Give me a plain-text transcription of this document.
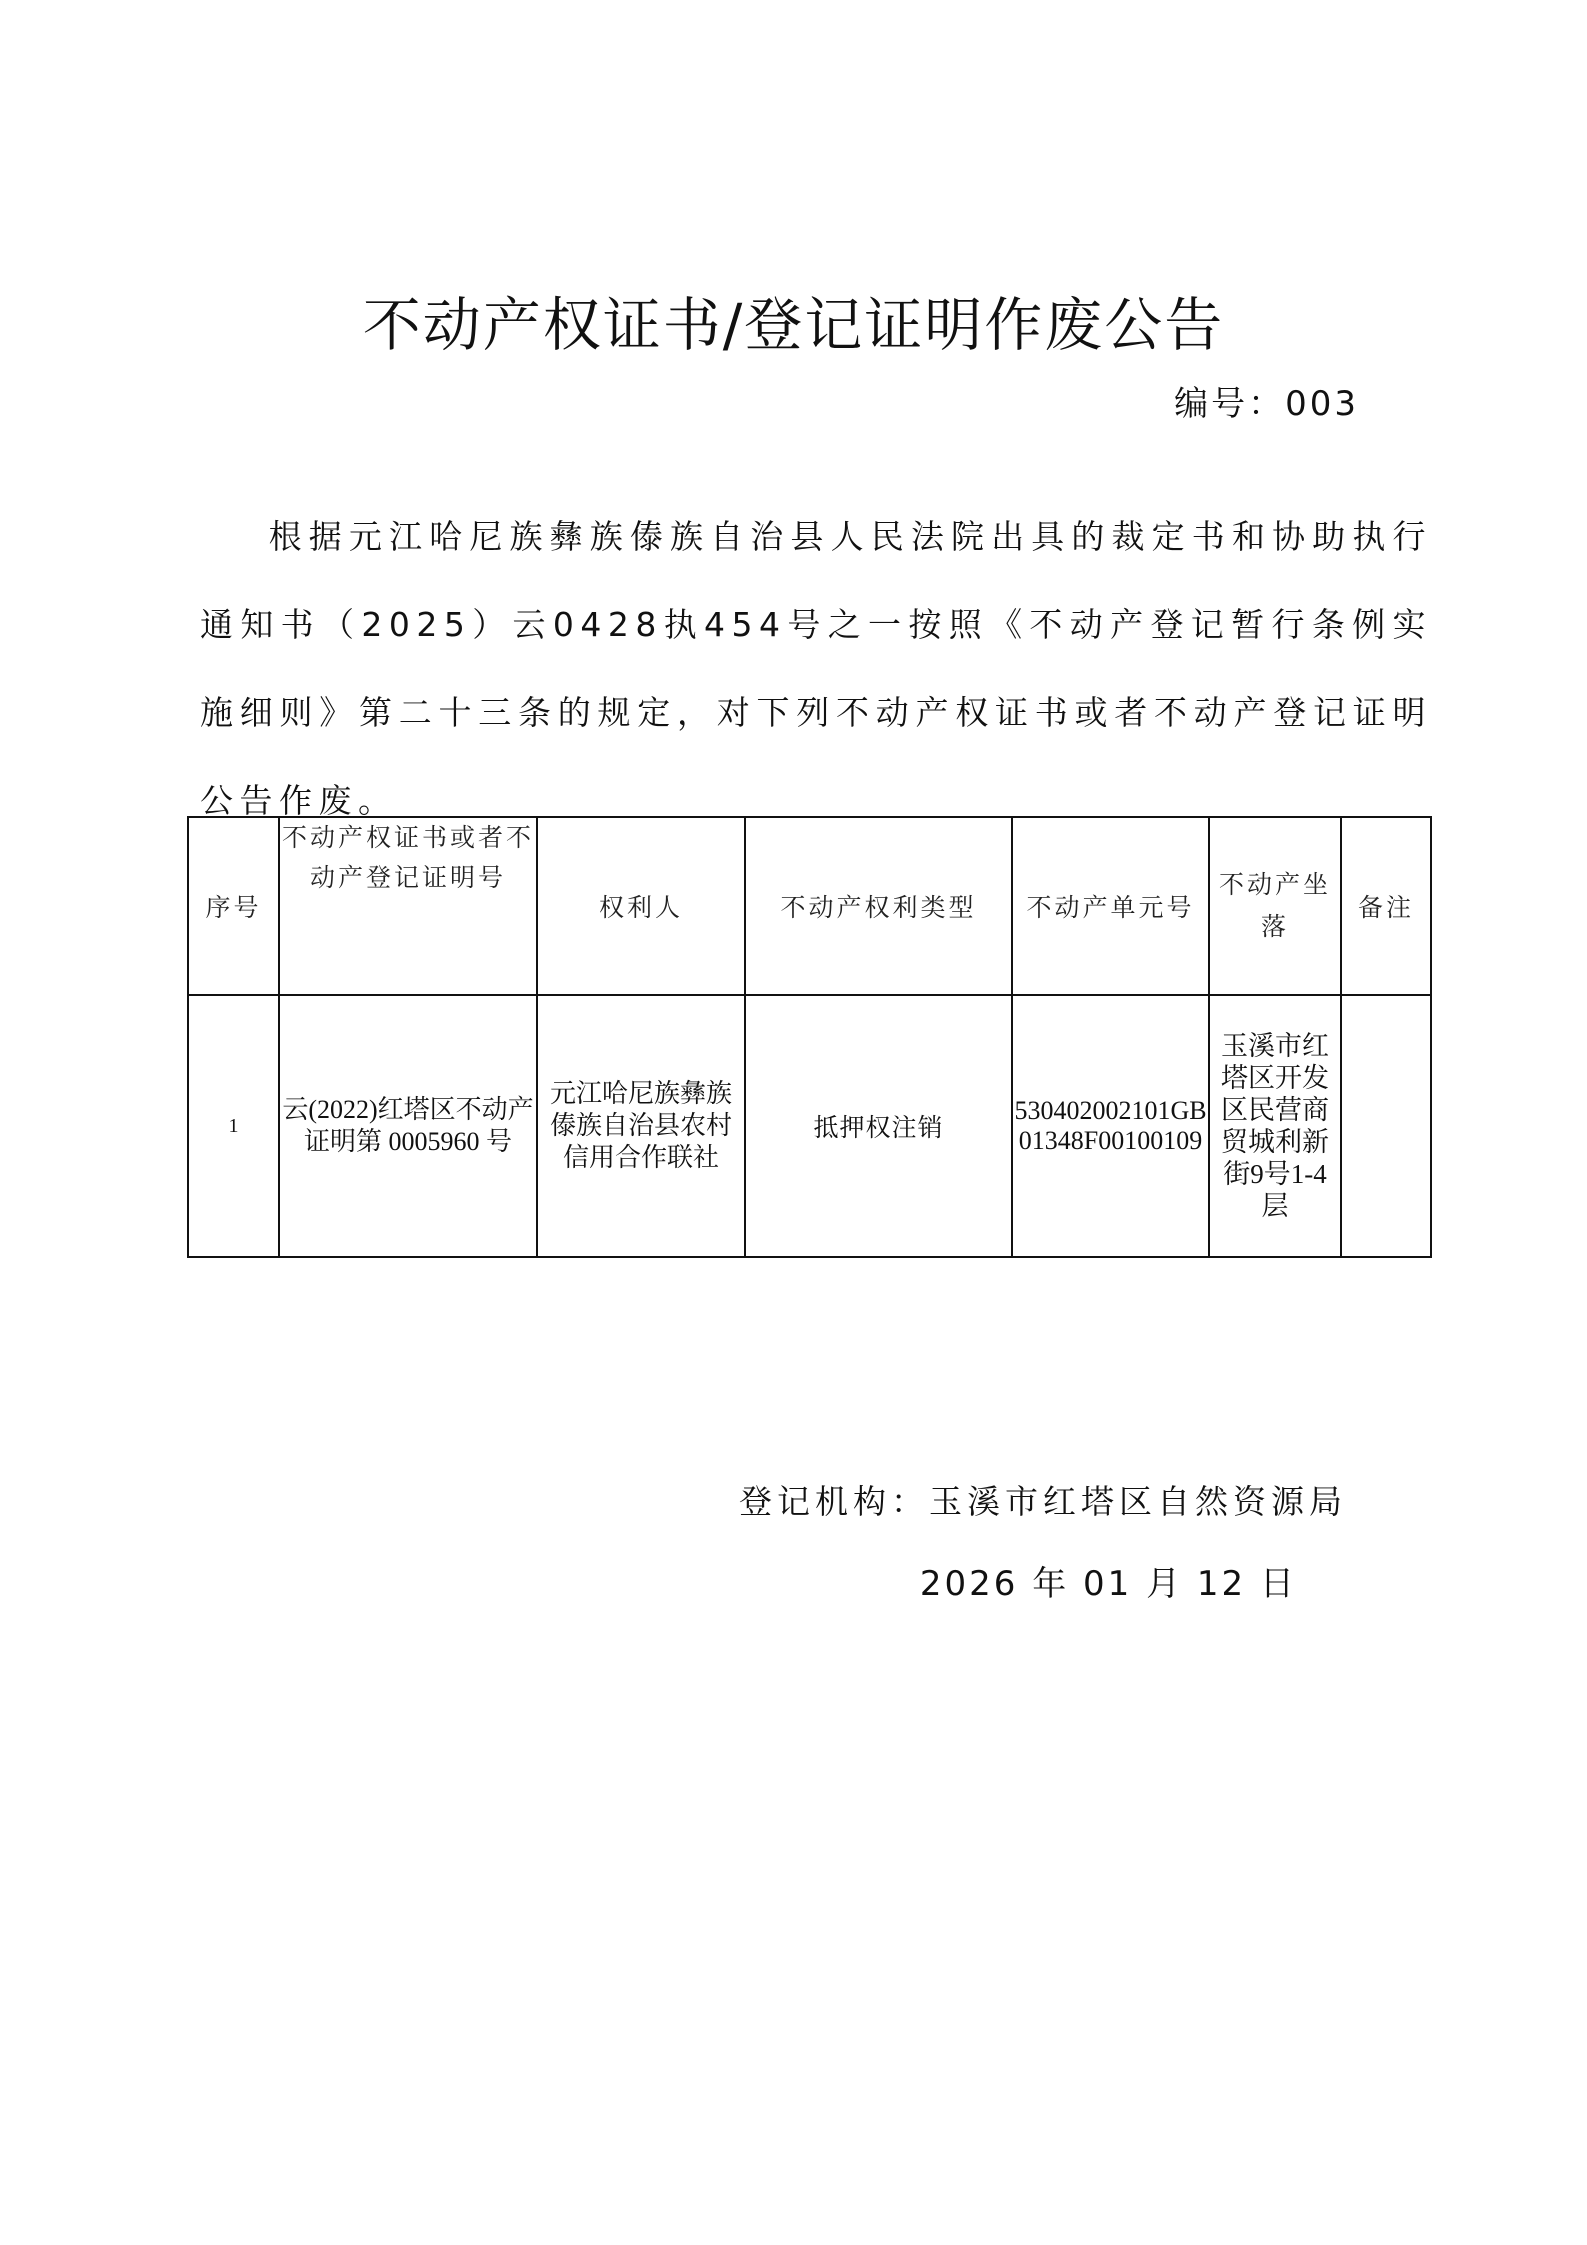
不动产权证书/登记证明作废公告
编号：003
根据元江哈尼族彝族傣族自治县人民法院出具的裁定书和协助执行通知书（2025）云0428执454号之一按照《不动产登记暂行条例实施细则》第二十三条的规定，对下列不动产权证书或者不动产登记证明公告作废。
序号	不动产权证书或者不动产登记证明号	权利人	不动产权利类型	不动产单元号	不动产坐落	备注
1	云(2022)红塔区不动产证明第 0005960 号	元江哈尼族彝族傣族自治县农村信用合作联社	抵押权注销	530402002101GB01348F00100109	玉溪市红塔区开发区民营商贸城利新街9号1-4层	
登记机构：玉溪市红塔区自然资源局
2026 年 01 月 12 日
